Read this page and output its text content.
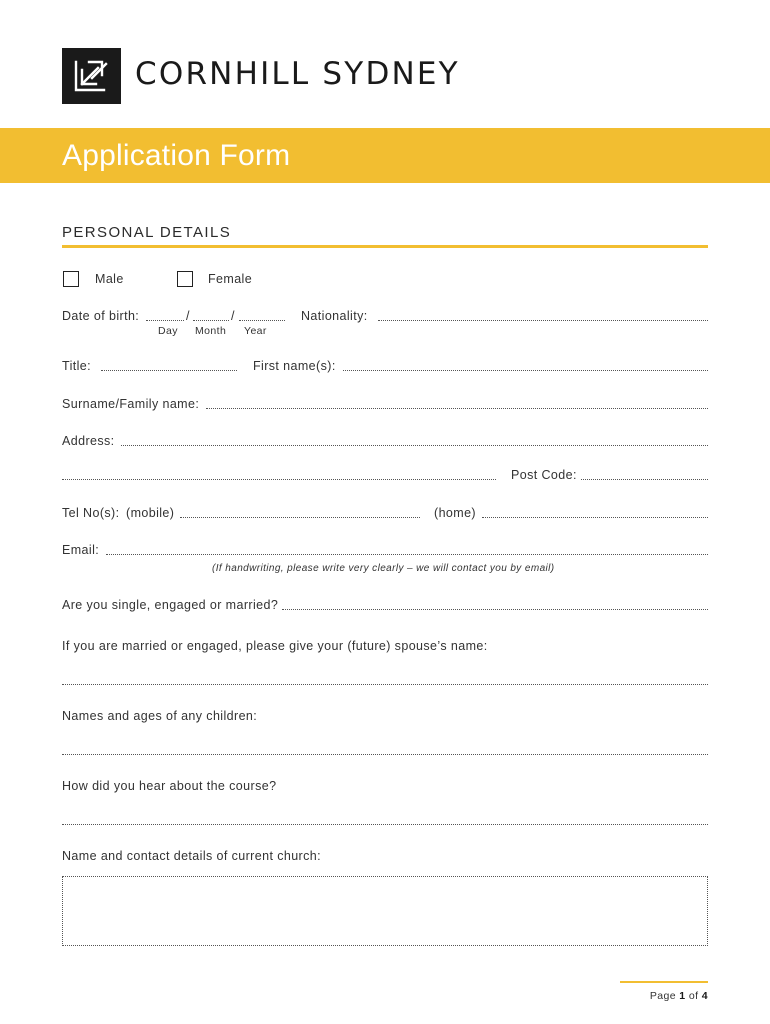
CORNHILL SYDNEY
Application Form
PERSONAL DETAILS
Male	Female
Date of birth:	/	/
Day Month Year
Nationality:
Title:	First name(s):
Surname/Family name:
Address:
Post Code:
Tel No(s): (mobile)	(home)
Email:
(If handwriting, please write very clearly – we will contact you by email)
Are you single, engaged or married?
If you are married or engaged, please give your (future) spouse’s name:
Names and ages of any children:
How did you hear about the course?
Name and contact details of current church:
Page 1 of 4
